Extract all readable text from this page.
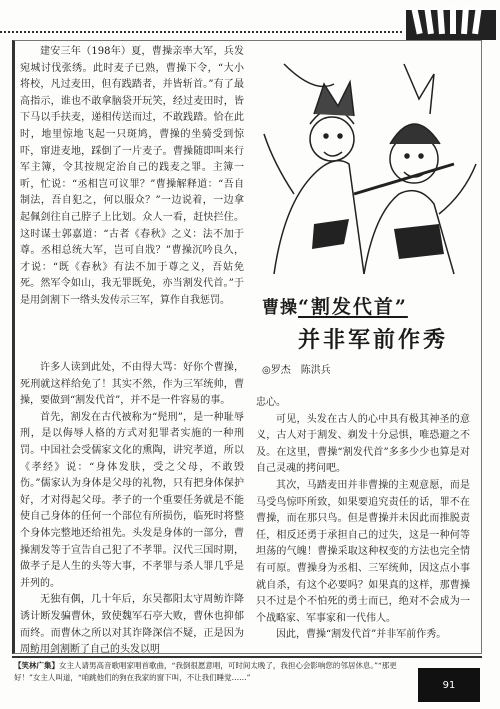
建安三年（198年）夏，曹操亲率大军，兵发宛城讨伐张绣。此时麦子已熟，曹操下令，“大小将校，凡过麦田，但有践踏者，并皆斩首。”有了最高指示，谁也不敢拿脑袋开玩笑，经过麦田时，皆下马以手扶麦，递相传送而过，不敢践踏。恰在此时，地里惊地飞起一只斑鸠，曹操的坐骑受到惊吓，窜进麦地，踩倒了一片麦子。曹操随即叫来行军主簿，令其按规定治自己的践麦之罪。主簿一听，忙说：“丞相岂可议罪？”曹操解释道：“吾自制法，吾自犯之，何以服众？”一边说着，一边拿起佩剑往自己脖子上比划。众人一看，赶快拦住。这时谋士郭嘉道：“古者《春秋》之义：法不加于尊。丞相总统大军，岂可自戕？”曹操沉吟良久，才说：“既《春秋》有法不加于尊之义，吾姑免死。然军令如山，我无罪既免，亦当割发代首。”于是用剑割下一绺头发传示三军，算作自我惩罚。	曹操“割发代首”
并非军前作秀
◎罗杰　陈洪兵

许多人读到此处，不由得大骂：好你个曹操，死刑就这样给免了！其实不然，作为三军统帅，曹操，要做到“割发代首”，并不是一件容易的事。

首先，割发在古代被称为“髡刑”，是一种耻辱刑，是以侮辱人格的方式对犯罪者实施的一种刑罚。中国社会受儒家文化的熏陶，讲究孝道，所以《孝经》说：“身体发肤，受之父母，不敢毁伤。”儒家认为身体是父母的礼物，只有把身体保护好，才对得起父母。孝子的一个重要任务就是不能使自己身体的任何一个部位有所损伤，临死时将整个身体完整地还给祖先。头发是身体的一部分，曹操割发等于宣告自己犯了不孝罪。汉代三国时期，做孝子是人生的头等大事，不孝罪与杀人罪几乎是并列的。

无独有偶，几十年后，东吴都阳太守周鲂诈降诱计断发骗曹休，致使魏军石亭大败，曹休也抑郁而终。而曹休之所以对其诈降深信不疑，正是因为周鲂用剑割断了自己的头发以明

忠心。

可见，头发在古人的心中具有极其神圣的意义，古人对于割发、剃发十分忌惧，唯恐避之不及。在这里，曹操“割发代首”多多少少也算是对自己灵魂的拷问吧。

其次，马踏麦田并非曹操的主观意愿，而是马受鸟惊吓所致，如果要追究责任的话，罪不在曹操，而在那只鸟。但是曹操并未因此而推脱责任，相反还勇于承担自己的过失，这是一种何等坦荡的气魄！曹操采取这种权变的方法也完全情有可原。曹操身为丞相、三军统帅，因这点小事就自杀，有这个必要吗？如果真的这样，那曹操只不过是个不怕死的勇士而已，绝对不会成为一个战略家、军事家和一代伟人。

因此，曹操“割发代首”并非军前作秀。

【笑林广集】女主人请男高音歌唱家唱首歌曲，“我倒很愿意唱，可时间太晚了，我担心会影响您的邻居休息。”“那更好！”女主人叫道，“咱跳他们的狗在我家的窗下叫，不让我们睡觉……”
91
